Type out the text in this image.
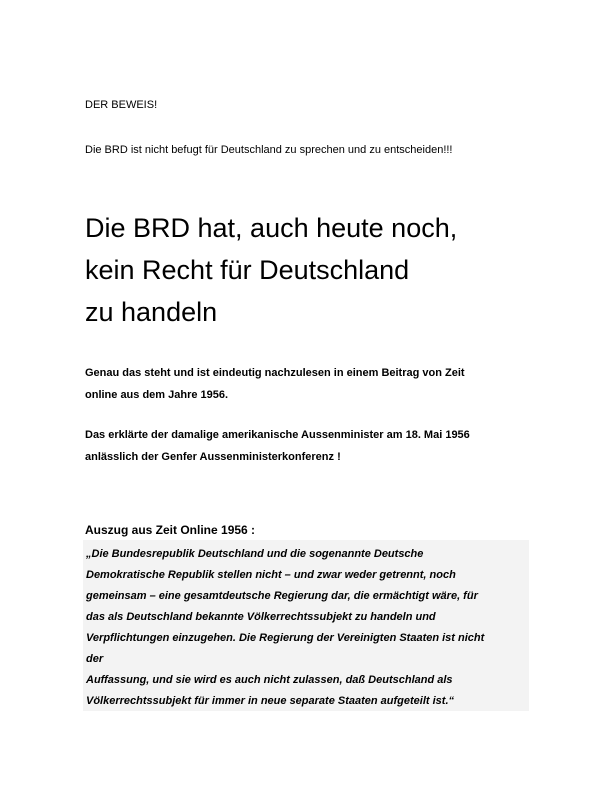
DER BEWEIS!
Die BRD ist nicht befugt für Deutschland zu sprechen und zu entscheiden!!!
Die BRD hat, auch heute noch,
kein Recht für Deutschland
zu handeln

Genau das steht und ist eindeutig nachzulesen in einem Beitrag von Zeit
online aus dem Jahre 1956.

Das erklärte der damalige amerikanische Aussenminister am 18. Mai 1956
anlässlich der Genfer Aussenministerkonferenz !

Auszug aus Zeit Online 1956 :
„Die Bundesrepublik Deutschland und die sogenannte Deutsche
Demokratische Republik stellen nicht – und zwar weder getrennt, noch
gemeinsam – eine gesamtdeutsche Regierung dar, die ermächtigt wäre, für
das als Deutschland bekannte Völkerrechtssubjekt zu handeln und
Verpflichtungen einzugehen. Die Regierung der Vereinigten Staaten ist nicht
der
Auffassung, und sie wird es auch nicht zulassen, daß Deutschland als
Völkerrechtssubjekt für immer in neue separate Staaten aufgeteilt ist.“
